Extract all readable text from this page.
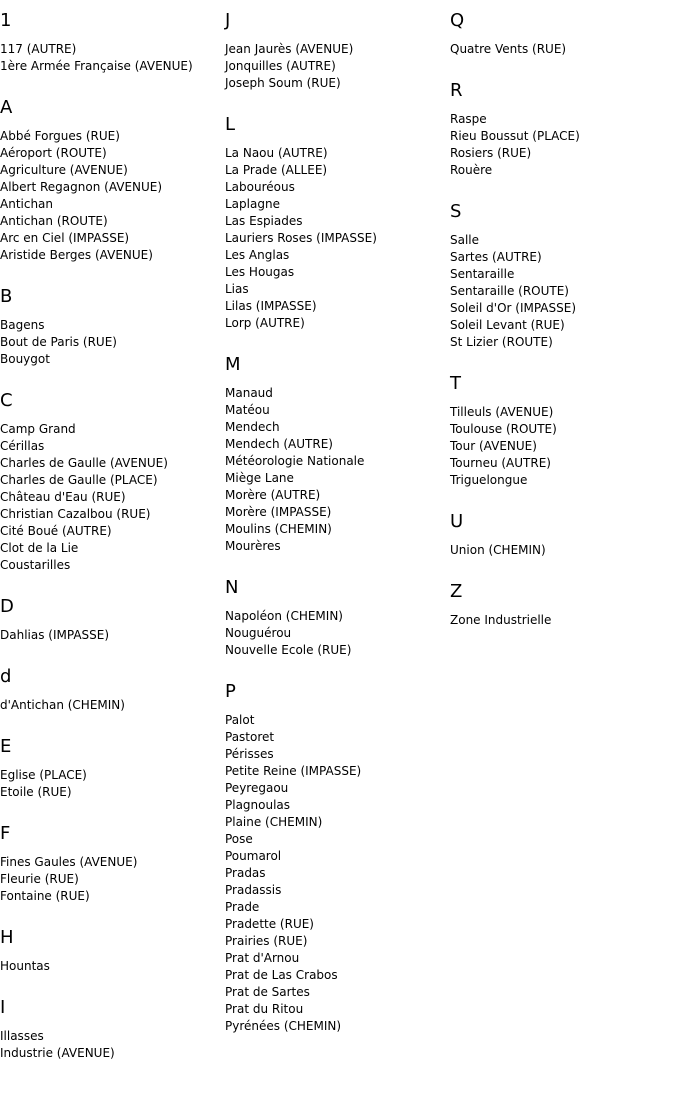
1
117 (AUTRE)
1ère Armée Française (AVENUE)
A
Abbé Forgues (RUE)
Aéroport (ROUTE)
Agriculture (AVENUE)
Albert Regagnon (AVENUE)
Antichan
Antichan (ROUTE)
Arc en Ciel (IMPASSE)
Aristide Berges (AVENUE)
B
Bagens
Bout de Paris (RUE)
Bouygot
C
Camp Grand
Cérillas
Charles de Gaulle (AVENUE)
Charles de Gaulle (PLACE)
Château d'Eau (RUE)
Christian Cazalbou (RUE)
Cité Boué (AUTRE)
Clot de la Lie
Coustarilles
D
Dahlias (IMPASSE)
d
d'Antichan (CHEMIN)
E
Eglise (PLACE)
Etoile (RUE)
F
Fines Gaules (AVENUE)
Fleurie (RUE)
Fontaine (RUE)
H
Hountas
I
Illasses
Industrie (AVENUE)
J
Jean Jaurès (AVENUE)
Jonquilles (AUTRE)
Joseph Soum (RUE)
L
La Naou (AUTRE)
La Prade (ALLEE)
Labouréous
Laplagne
Las Espiades
Lauriers Roses (IMPASSE)
Les Anglas
Les Hougas
Lias
Lilas (IMPASSE)
Lorp (AUTRE)
M
Manaud
Matéou
Mendech
Mendech (AUTRE)
Météorologie Nationale
Miège Lane
Morère (AUTRE)
Morère (IMPASSE)
Moulins (CHEMIN)
Mourères
N
Napoléon (CHEMIN)
Nouguérou
Nouvelle Ecole (RUE)
P
Palot
Pastoret
Périsses
Petite Reine (IMPASSE)
Peyregaou
Plagnoulas
Plaine (CHEMIN)
Pose
Poumarol
Pradas
Pradassis
Prade
Pradette (RUE)
Prairies (RUE)
Prat d'Arnou
Prat de Las Crabos
Prat de Sartes
Prat du Ritou
Pyrénées (CHEMIN)
Q
Quatre Vents (RUE)
R
Raspe
Rieu Boussut (PLACE)
Rosiers (RUE)
Rouère
S
Salle
Sartes (AUTRE)
Sentaraille
Sentaraille (ROUTE)
Soleil d'Or (IMPASSE)
Soleil Levant (RUE)
St Lizier (ROUTE)
T
Tilleuls (AVENUE)
Toulouse (ROUTE)
Tour (AVENUE)
Tourneu (AUTRE)
Triguelongue
U
Union (CHEMIN)
Z
Zone Industrielle
